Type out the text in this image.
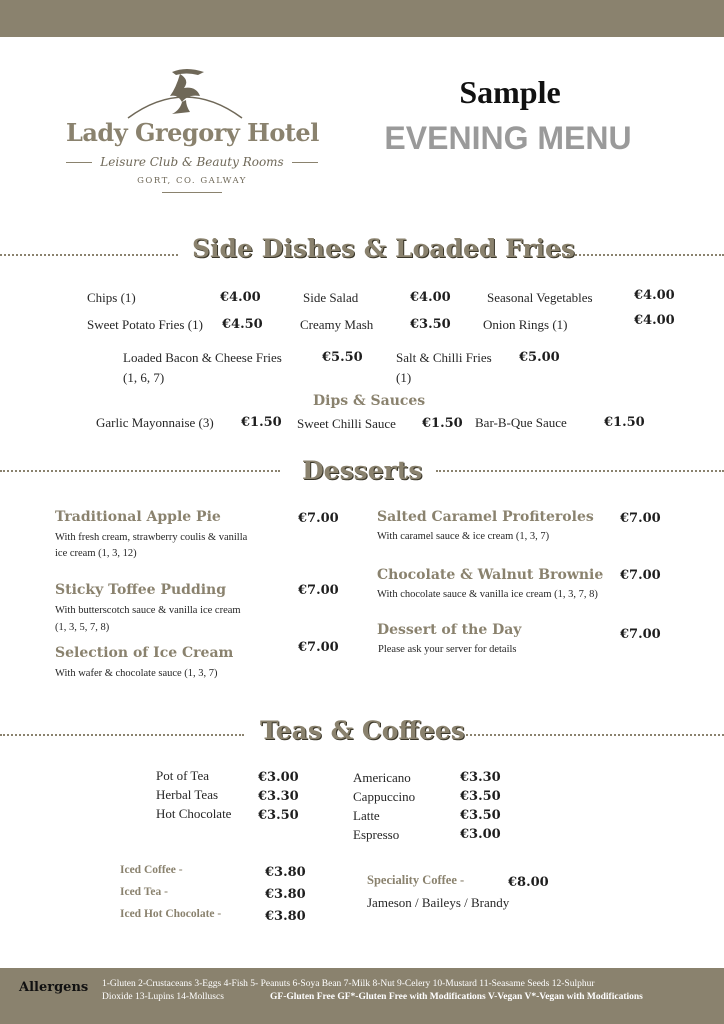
Lady Gregory Hotel
Leisure Club & Beauty Rooms
GORT, CO. GALWAY
Sample
EVENING MENU
Side Dishes & Loaded Fries
Chips (1)	€4.00	Side Salad	€4.00	Seasonal Vegetables	€4.00
Sweet Potato Fries (1) €4.50	Creamy Mash	€3.50 Onion Rings (1)	€4.00
Loaded Bacon & Cheese Fries
(1, 6, 7)
€5.50	Salt & Chilli Fries
(1)
€5.00
Dips & Sauces
Garlic Mayonnaise (3) €1.50 Sweet Chilli Sauce €1.50 Bar-B-Que Sauce	€1.50
Desserts
Traditional Apple Pie	€7.00
With fresh cream, strawberry coulis & vanilla
ice cream (1, 3, 12)
Sticky Toffee Pudding	€7.00
With butterscotch sauce & vanilla ice cream
(1, 3, 5, 7, 8)
Selection of Ice Cream	€7.00
With wafer & chocolate sauce (1, 3, 7)
Salted Caramel Profiteroles €7.00
With caramel sauce & ice cream (1, 3, 7)
Chocolate & Walnut Brownie €7.00
With chocolate sauce & vanilla ice cream (1, 3, 7, 8)
Dessert of the Day	€7.00
Please ask your server for details
Teas & Coffees
Pot of Tea	€3.00
Herbal Teas	€3.30
Hot Chocolate €3.50
Americano	€3.30
Cappuccino	€3.50
Latte	€3.50
Espresso	€3.00
Iced Coffee -	€3.80
Iced Tea -	€3.80
Iced Hot Chocolate -	€3.80
Speciality Coffee -	€8.00
Jameson / Baileys / Brandy
Allergens 1-Gluten 2-Crustaceans 3-Eggs 4-Fish 5- Peanuts 6-Soya Bean 7-Milk 8-Nut 9-Celery 10-Mustard 11-Seasame Seeds 12-Sulphur
Dioxide 13-Lupins 14-Molluscs	GF-Gluten Free GF*-Gluten Free with Modifications V-Vegan V*-Vegan with Modifications
